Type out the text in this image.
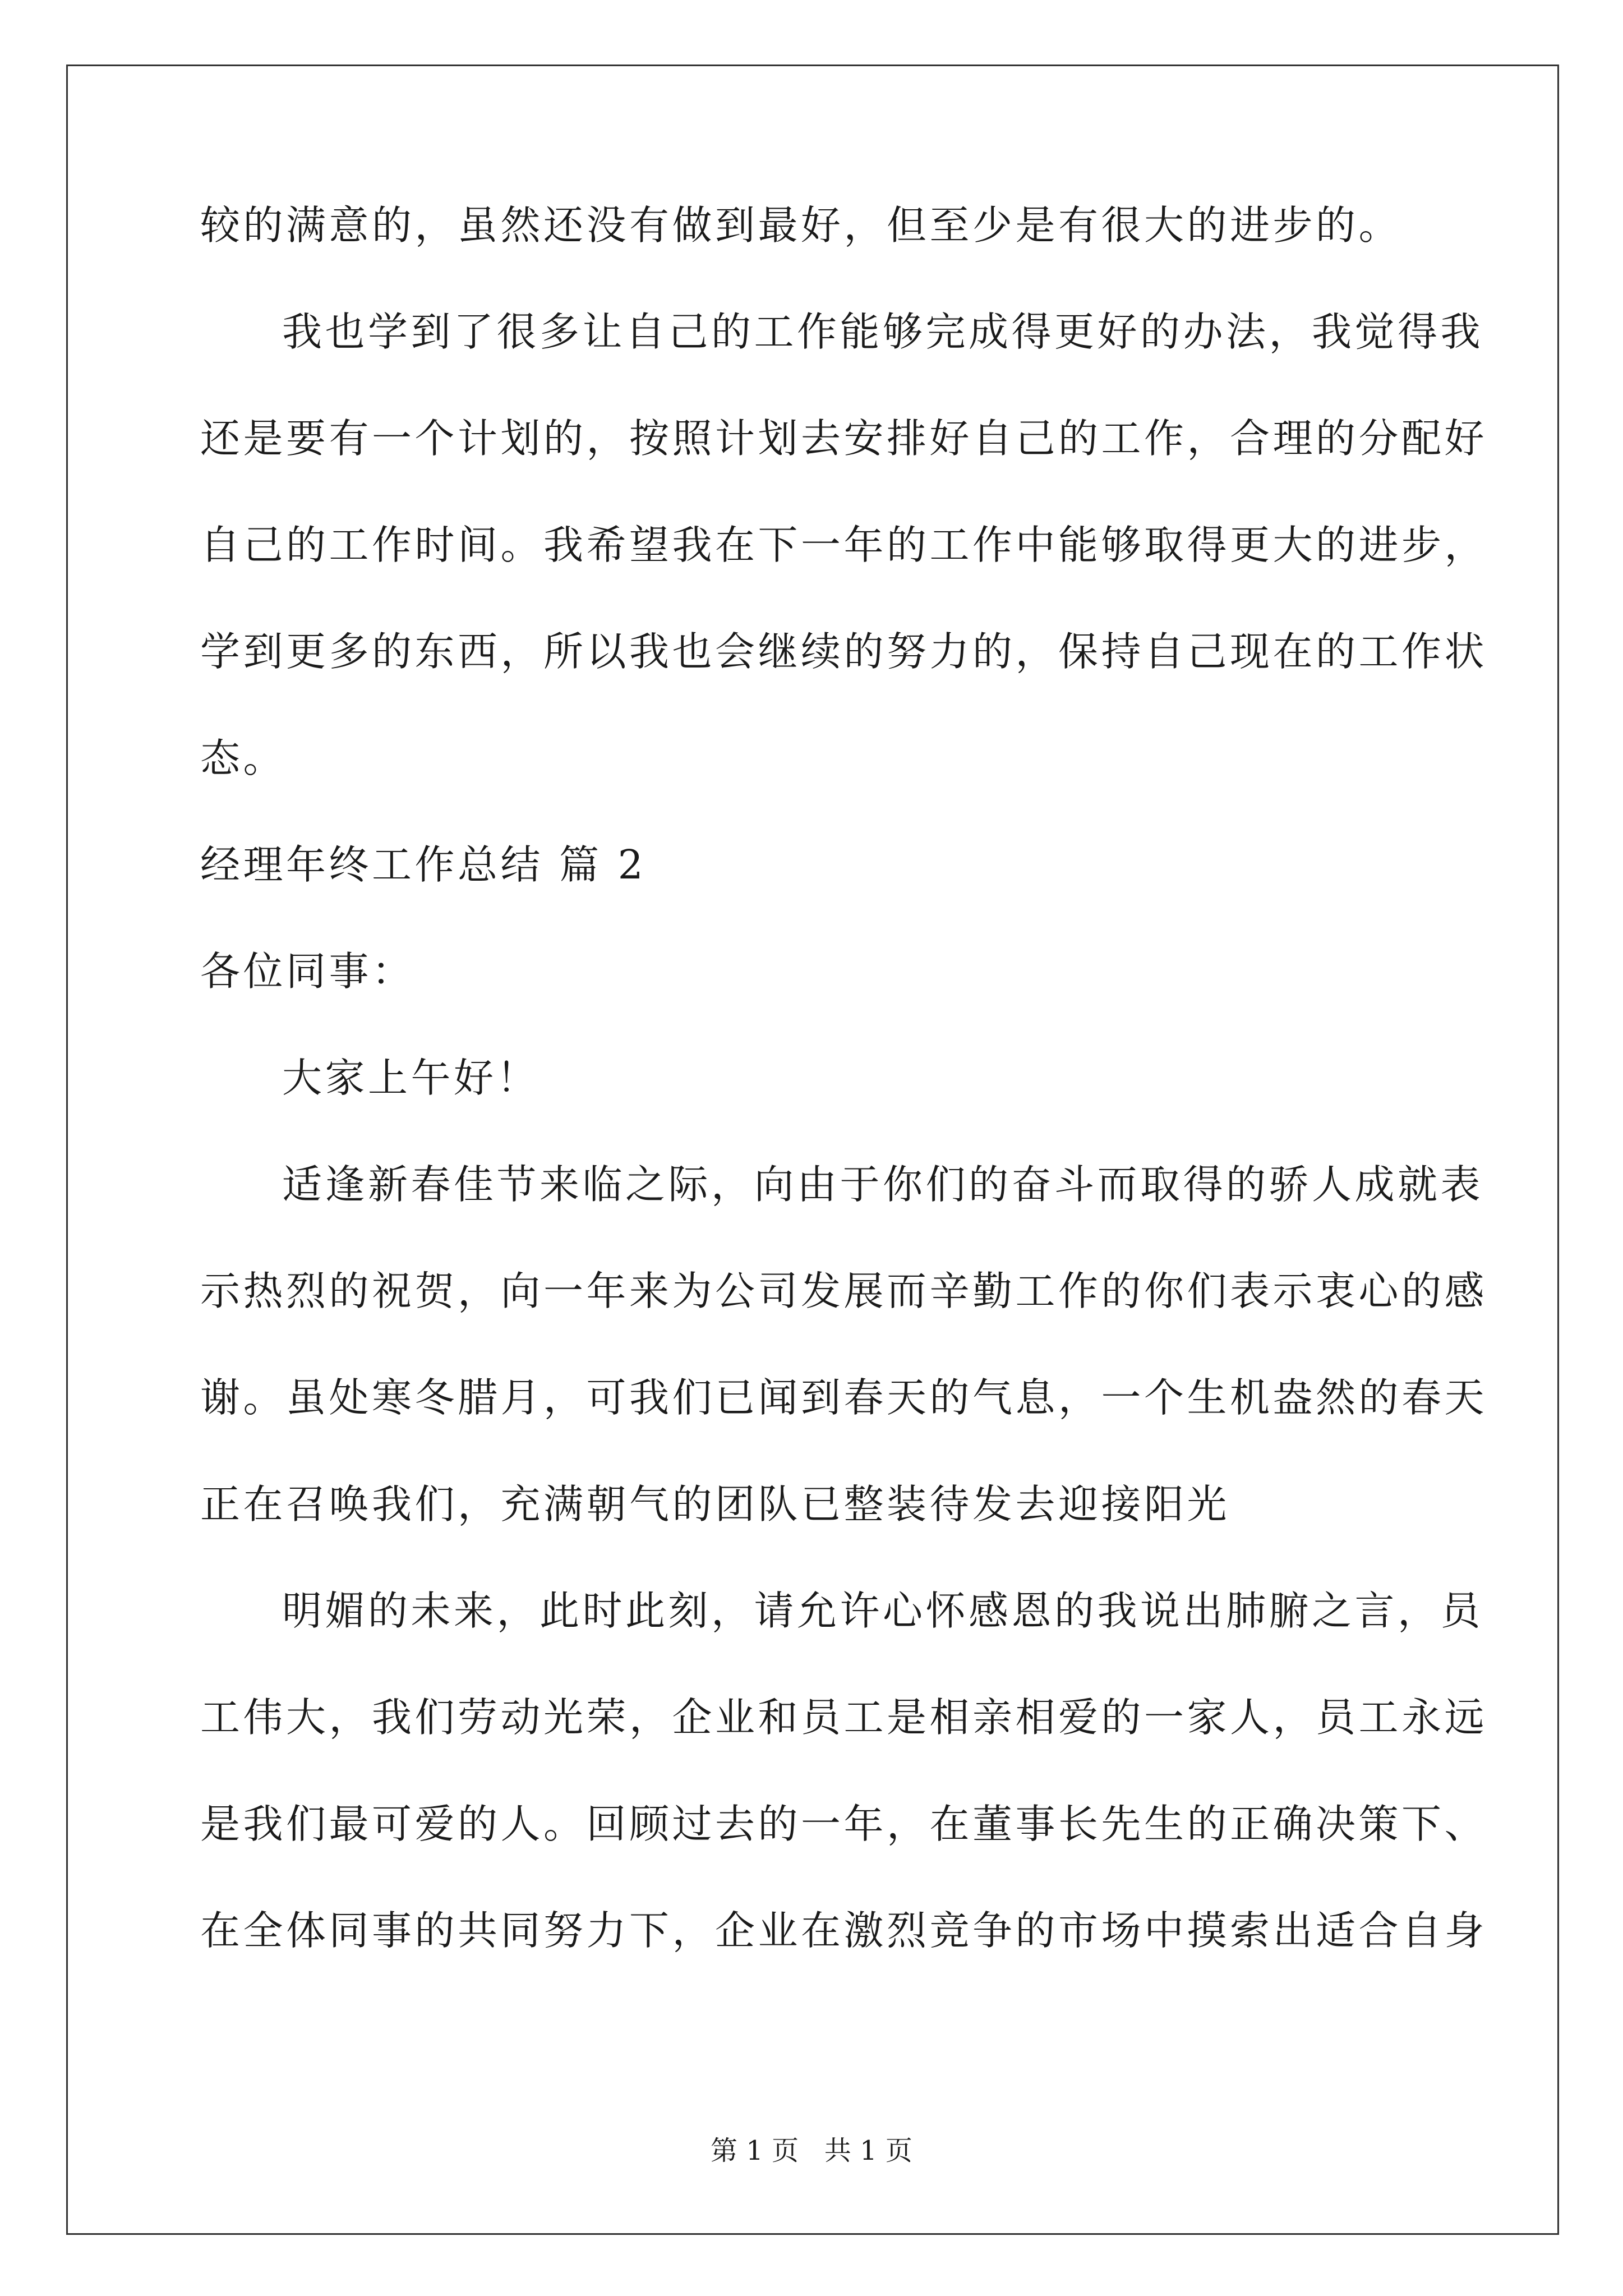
较的满意的，虽然还没有做到最好，但至少是有很大的进步的。
我也学到了很多让自己的工作能够完成得更好的办法，我觉得我
还是要有一个计划的，按照计划去安排好自己的工作，合理的分配好
自己的工作时间。我希望我在下一年的工作中能够取得更大的进步，
学到更多的东西，所以我也会继续的努力的，保持自己现在的工作状
态。
经理年终工作总结 篇 2
各位同事：
大家上午好！
适逢新春佳节来临之际，向由于你们的奋斗而取得的骄人成就表
示热烈的祝贺，向一年来为公司发展而辛勤工作的你们表示衷心的感
谢。虽处寒冬腊月，可我们已闻到春天的气息，一个生机盎然的春天
正在召唤我们，充满朝气的团队已整装待发去迎接阳光
明媚的未来，此时此刻，请允许心怀感恩的我说出肺腑之言，员
工伟大，我们劳动光荣，企业和员工是相亲相爱的一家人，员工永远
是我们最可爱的人。回顾过去的一年，在董事长先生的正确决策下、
在全体同事的共同努力下，企业在激烈竞争的市场中摸索出适合自身
第 1 页   共 1 页
